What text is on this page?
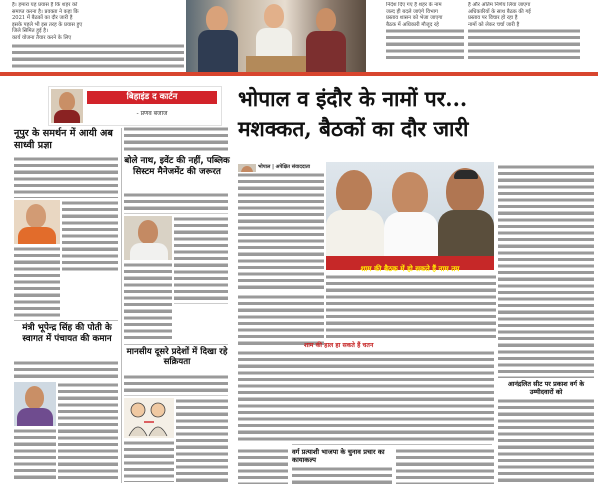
हैं। हमारा यह प्रयास है कि शहर को
समाप्त करना है। प्रवक्ता ने कहा कि
2021 में बैठकों का दौर जारी है
इसके पहले भी इस तरह के प्रयास हुए
जिले सिमित हुई है।
कार्य योजना तैयार करने के लिए
निर्देश दिए गए हैं शहर के नाम
जल्द ही बदले जाएंगे विभाग
प्रस्ताव शासन को भेजा जाएगा
बैठक में अधिकारी मौजूद रहे
है और अंतिम निर्णय लिया जाएगा
अधिकारियों के साथ बैठक की गई
प्रस्ताव पर विचार हो रहा है
नामों को लेकर चर्चा जारी है
बिहाइंड द कार्टन
- प्रणव बजाज
नूपुर के समर्थन में आयी अब साध्वी प्रज्ञा
मंत्री भूपेन्द्र सिंह की पोती के स्वागत में पंचायत की कमान
बोले नाथ, इवेंट की नहीं, पब्लिक सिस्टम मैनेजमेंट की जरूरत
मानसीय दूसरे प्रदेशों में दिखा रहे सक्रियता
भोपाल व इंदौर के नामों पर...
मशक्कत, बैठकों का दौर जारी
भोपाल | अपेक्षित संवाददाता
शाम की बैठक में हो सकते हैं नाम तय
आनंद्रलित सीट पर प्रकाश वर्ग के उम्मीदवारों को
शाम की हाल हा सकते हैं चतन
वर्ग प्रत्याशी भाजपा के चुनाव प्रचार का कायाकल्प
